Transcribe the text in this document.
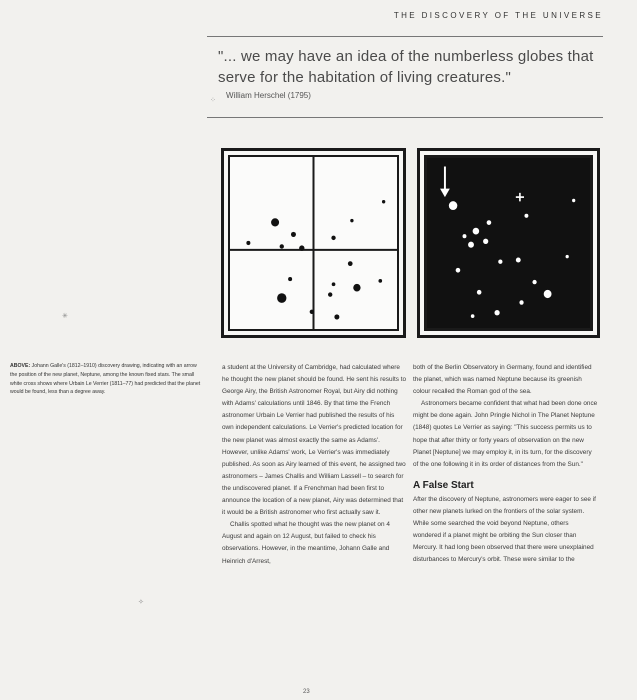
THE DISCOVERY OF THE UNIVERSE
"... we may have an idea of the numberless globes that serve for the habitation of living creatures."
William Herschel (1795)
ABOVE: Johann Galle's (1812–1910) discovery drawing, indicating with an arrow the position of the new planet, Neptune, among the known fixed stars. The small white cross shows where Urbain Le Verrier (1811–77) had predicted that the planet would be found, less than a degree away.

a student at the University of Cambridge, had calculated where he thought the new planet should be found. He sent his results to George Airy, the British Astronomer Royal, but Airy did nothing with Adams' calculations until 1846. By that time the French astronomer Urbain Le Verrier had published the results of his own independent calculations. Le Verrier's predicted location for the new planet was almost exactly the same as Adams'. However, unlike Adams' work, Le Verrier's was immediately published. As soon as Airy learned of this event, he assigned two astronomers – James Challis and William Lassell – to search for the undiscovered planet. If a Frenchman had been first to announce the location of a new planet, Airy was determined that it would be a British astronomer who first actually saw it.

Challis spotted what he thought was the new planet on 4 August and again on 12 August, but failed to check his observations. However, in the meantime, Johann Galle and Heinrich d'Arrest,

both of the Berlin Observatory in Germany, found and identified the planet, which was named Neptune because its greenish colour recalled the Roman god of the sea.

Astronomers became confident that what had been done once might be done again. John Pringle Nichol in The Planet Neptune (1848) quotes Le Verrier as saying: "This success permits us to hope that after thirty or forty years of observation on the new Planet [Neptune] we may employ it, in its turn, for the discovery of the one following it in its order of distances from the Sun."

A False Start

After the discovery of Neptune, astronomers were eager to see if other new planets lurked on the frontiers of the solar system. While some searched the void beyond Neptune, others wondered if a planet might be orbiting the Sun closer than Mercury. It had long been observed that there were unexplained disturbances to Mercury's orbit. These were similar to the

✳
⁘
✧
23
